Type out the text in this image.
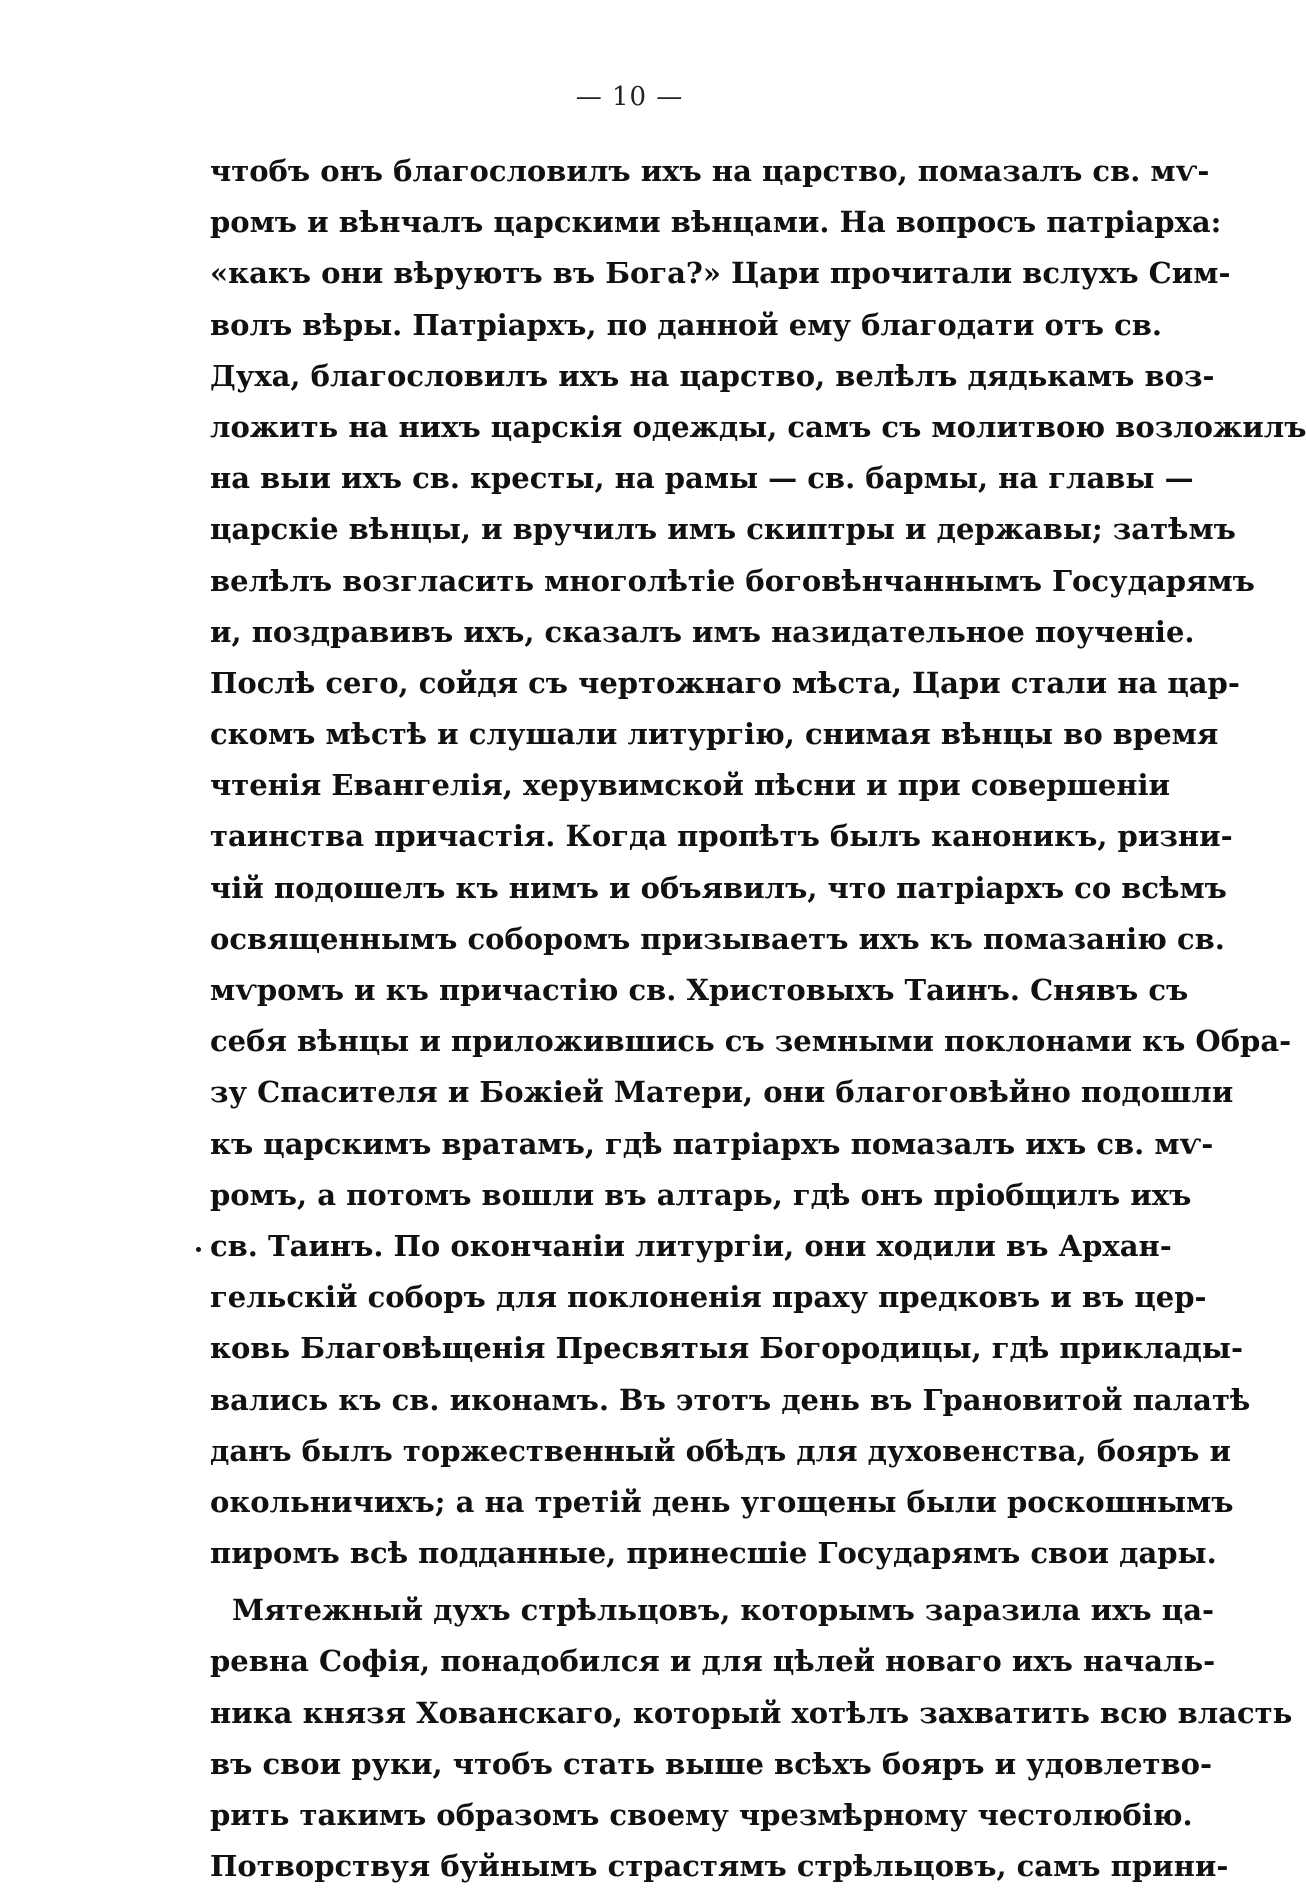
— 10 —
чтобъ онъ благословилъ ихъ на царство, помазалъ св. мѵ-
ромъ и вѣнчалъ царскими вѣнцами. На вопросъ патріарха:
«какъ они вѣруютъ въ Бога?» Цари прочитали вслухъ Сим-
волъ вѣры. Патріархъ, по данной ему благодати отъ св.
Духа, благословилъ ихъ на царство, велѣлъ дядькамъ воз-
ложить на нихъ царскія одежды, самъ съ молитвою возложилъ
на выи ихъ св. кресты, на рамы — св. бармы, на главы —
царскіе вѣнцы, и вручилъ имъ скиптры и державы; затѣмъ
велѣлъ возгласить многолѣтіе боговѣнчаннымъ Государямъ
и, поздравивъ ихъ, сказалъ имъ назидательное поученіе.
Послѣ сего, сойдя съ чертожнаго мѣста, Цари стали на цар-
скомъ мѣстѣ и слушали литургію, снимая вѣнцы во время
чтенія Евангелія, херувимской пѣсни и при совершеніи
таинства причастія. Когда пропѣтъ былъ каноникъ, ризни-
чій подошелъ къ нимъ и объявилъ, что патріархъ со всѣмъ
освященнымъ соборомъ призываетъ ихъ къ помазанію св.
мѵромъ и къ причастію св. Христовыхъ Таинъ. Снявъ съ
себя вѣнцы и приложившись съ земными поклонами къ Обра-
зу Спасителя и Божіей Матери, они благоговѣйно подошли
къ царскимъ вратамъ, гдѣ патріархъ помазалъ ихъ св. мѵ-
ромъ, а потомъ вошли въ алтарь, гдѣ онъ пріобщилъ ихъ
св. Таинъ. По окончаніи литургіи, они ходили въ Архан-
гельскій соборъ для поклоненія праху предковъ и въ цер-
ковь Благовѣщенія Пресвятыя Богородицы, гдѣ приклады-
вались къ св. иконамъ. Въ этотъ день въ Грановитой палатѣ
данъ былъ торжественный обѣдъ для духовенства, бояръ и
окольничихъ; а на третій день угощены были роскошнымъ
пиромъ всѣ подданные, принесшіе Государямъ свои дары.
Мятежный духъ стрѣльцовъ, которымъ заразила ихъ ца-
ревна Софія, понадобился и для цѣлей новаго ихъ началь-
ника князя Хованскаго, который хотѣлъ захватить всю власть
въ свои руки, чтобъ стать выше всѣхъ бояръ и удовлетво-
рить такимъ образомъ своему чрезмѣрному честолюбію.
Потворствуя буйнымъ страстямъ стрѣльцовъ, самъ прини-
